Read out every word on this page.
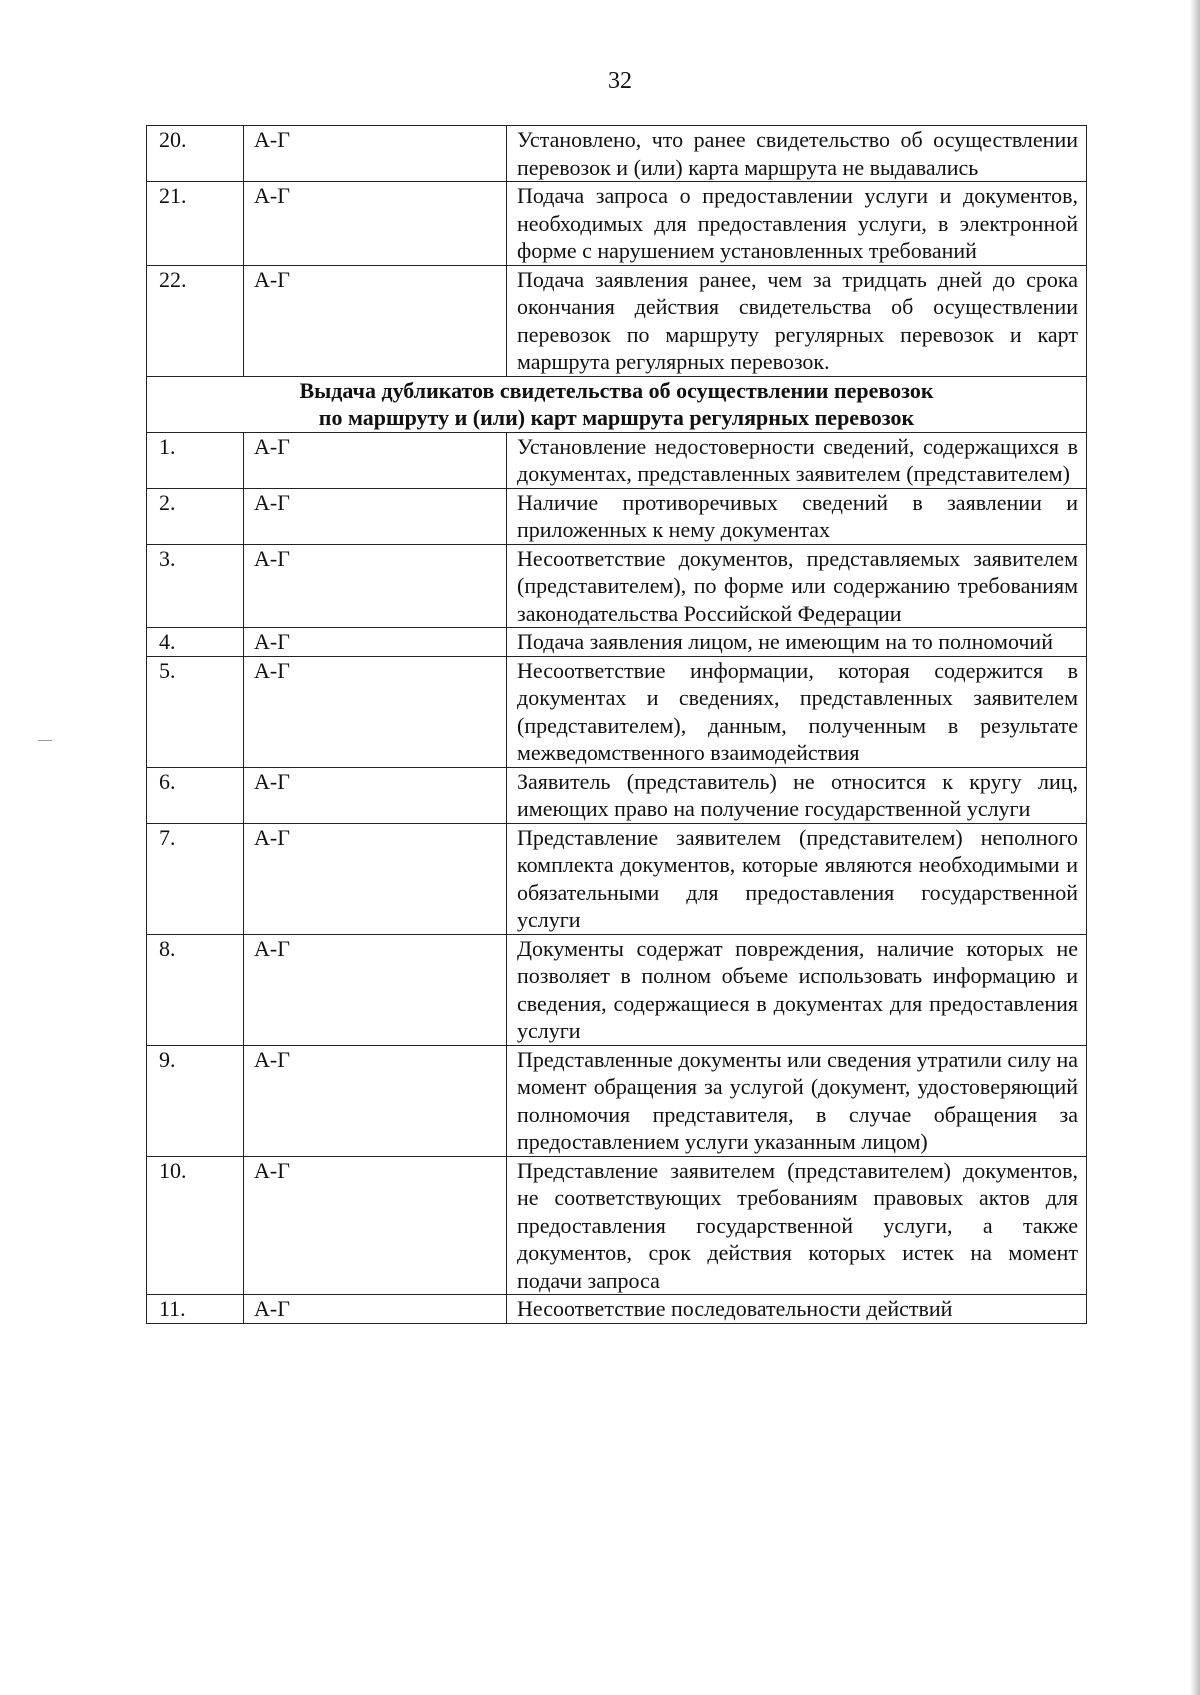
32
20.	А-Г	Установлено, что ранее свидетельство об осуществлении перевозок и (или) карта маршрута не выдавались
21.	А-Г	Подача запроса о предоставлении услуги и документов, необходимых для предоставления услуги, в электронной форме с нарушением установленных требований
22.	А-Г	Подача заявления ранее, чем за тридцать дней до срока окончания действия свидетельства об осуществлении перевозок по маршруту регулярных перевозок и карт маршрута регулярных перевозок.

Выдача дубликатов свидетельства об осуществлении перевозок
по маршруту и (или) карт маршрута регулярных перевозок		

1.	А-Г	Установление недостоверности сведений, содержащихся в документах, представленных заявителем (представителем)
2.	А-Г	Наличие противоречивых сведений в заявлении и приложенных к нему документах
3.	А-Г	Несоответствие документов, представляемых заявителем (представителем), по форме или содержанию требованиям законодательства Российской Федерации
4.	А-Г	Подача заявления лицом, не имеющим на то полномочий
5.	А-Г	Несоответствие информации, которая содержится в документах и сведениях, представленных заявителем (представителем), данным, полученным в результате межведомственного взаимодействия
6.	А-Г	Заявитель (представитель) не относится к кругу лиц, имеющих право на получение государственной услуги
7.	А-Г	Представление заявителем (представителем) неполного комплекта документов, которые являются необходимыми и обязательными для предоставления государственной услуги
8.	А-Г	Документы содержат повреждения, наличие которых не позволяет в полном объеме использовать информацию и сведения, содержащиеся в документах для предоставления услуги
9.	А-Г	Представленные документы или сведения утратили силу на момент обращения за услугой (документ, удостоверяющий полномочия представителя, в случае обращения за предоставлением услуги указанным лицом)
10.	А-Г	Представление заявителем (представителем) документов, не соответствующих требованиям правовых актов для предоставления государственной услуги, а также документов, срок действия которых истек на момент подачи запроса
11.	А-Г	Несоответствие последовательности действий
